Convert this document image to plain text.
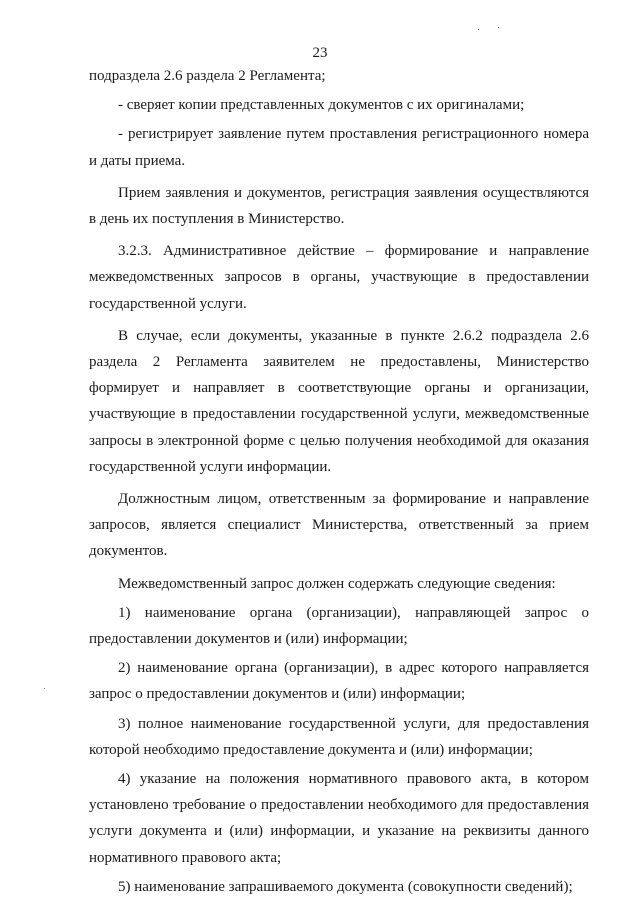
23

подраздела 2.6 раздела 2 Регламента;

- сверяет копии представленных документов с их оригиналами;

- регистрирует заявление путем проставления регистрационного номера и даты приема.

Прием заявления и документов, регистрация заявления осуществляются в день их поступления в Министерство.

3.2.3. Административное действие – формирование и направление межведомственных запросов в органы, участвующие в предоставлении государственной услуги.

В случае, если документы, указанные в пункте 2.6.2 подраздела 2.6 раздела 2 Регламента заявителем не предоставлены, Министерство формирует и направляет в соответствующие органы и организации, участвующие в предоставлении государственной услуги, межведомственные запросы в электронной форме с целью получения необходимой для оказания государственной услуги информации.

Должностным лицом, ответственным за формирование и направление запросов, является специалист Министерства, ответственный за прием документов.

Межведомственный запрос должен содержать следующие сведения:

1) наименование органа (организации), направляющей запрос о предоставлении документов и (или) информации;

2) наименование органа (организации), в адрес которого направляется запрос о предоставлении документов и (или) информации;

3) полное наименование государственной услуги, для предоставления которой необходимо предоставление документа и (или) информации;

4) указание на положения нормативного правового акта, в котором установлено требование о предоставлении необходимого для предоставления услуги документа и (или) информации, и указание на реквизиты данного нормативного правового акта;

5) наименование запрашиваемого документа (совокупности сведений);
